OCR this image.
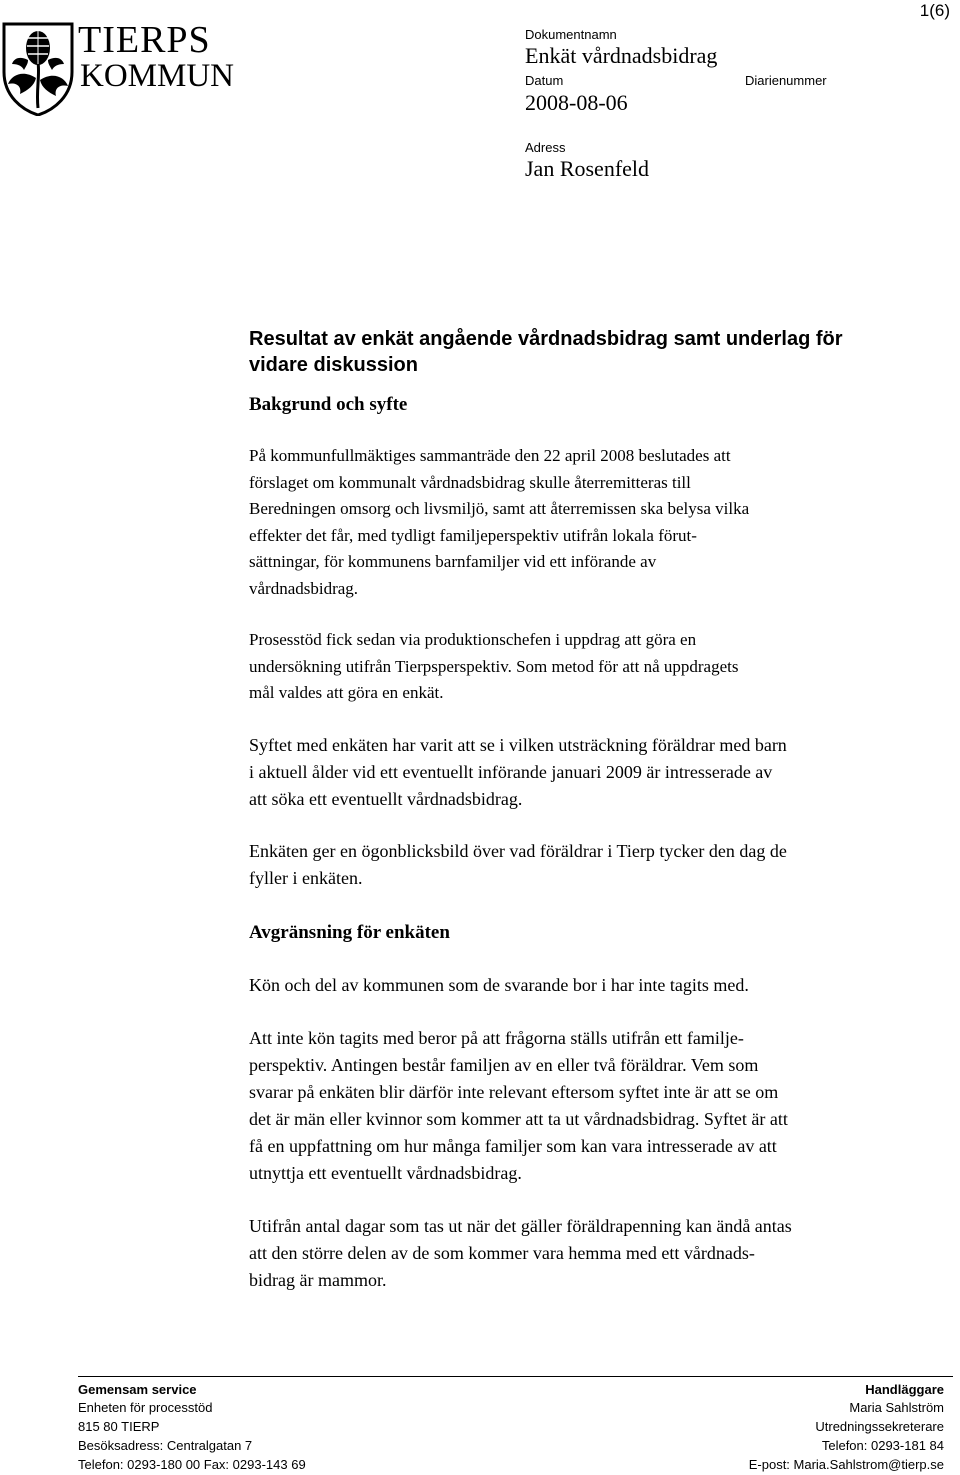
TIERPS
KOMMUN
1(6)
Dokumentnamn
Enkät vårdnadsbidrag
Datum
2008-08-06
Diarienummer
Adress
Jan Rosenfeld
Resultat av enkät angående vårdnadsbidrag samt underlag för
vidare diskussion
Bakgrund och syfte

På kommunfullmäktiges sammanträde den 22 april 2008 beslutades att
förslaget om kommunalt vårdnadsbidrag skulle återremitteras till
Beredningen omsorg och livsmiljö, samt att återremissen ska belysa vilka
effekter det får, med tydligt familjeperspektiv utifrån lokala förut-
sättningar, för kommunens barnfamiljer vid ett införande av
vårdnadsbidrag.

Prosesstöd fick sedan via produktionschefen i uppdrag att göra en
undersökning utifrån Tierpsperspektiv. Som metod för att nå uppdragets
mål valdes att göra en enkät.

Syftet med enkäten har varit att se i vilken utsträckning föräldrar med barn
i aktuell ålder vid ett eventuellt införande januari 2009 är intresserade av
att söka ett eventuellt vårdnadsbidrag.

Enkäten ger en ögonblicksbild över vad föräldrar i Tierp tycker den dag de
fyller i enkäten.

Avgränsning för enkäten

Kön och del av kommunen som de svarande bor i har inte tagits med.

Att inte kön tagits med beror på att frågorna ställs utifrån ett familje-
perspektiv. Antingen består familjen av en eller två föräldrar. Vem som
svarar på enkäten blir därför inte relevant eftersom syftet inte är att se om
det är män eller kvinnor som kommer att ta ut vårdnadsbidrag. Syftet är att
få en uppfattning om hur många familjer som kan vara intresserade av att
utnyttja ett eventuellt vårdnadsbidrag.

Utifrån antal dagar som tas ut när det gäller föräldrapenning kan ändå antas
att den större delen av de som kommer vara hemma med ett vårdnads-
bidrag är mammor.

Gemensam service
Enheten för processtöd
815 80 TIERP
Besöksadress: Centralgatan 7
Telefon: 0293-180 00 Fax: 0293-143 69
Handläggare
Maria Sahlström
Utredningssekreterare
Telefon: 0293-181 84
E-post: Maria.Sahlstrom@tierp.se
